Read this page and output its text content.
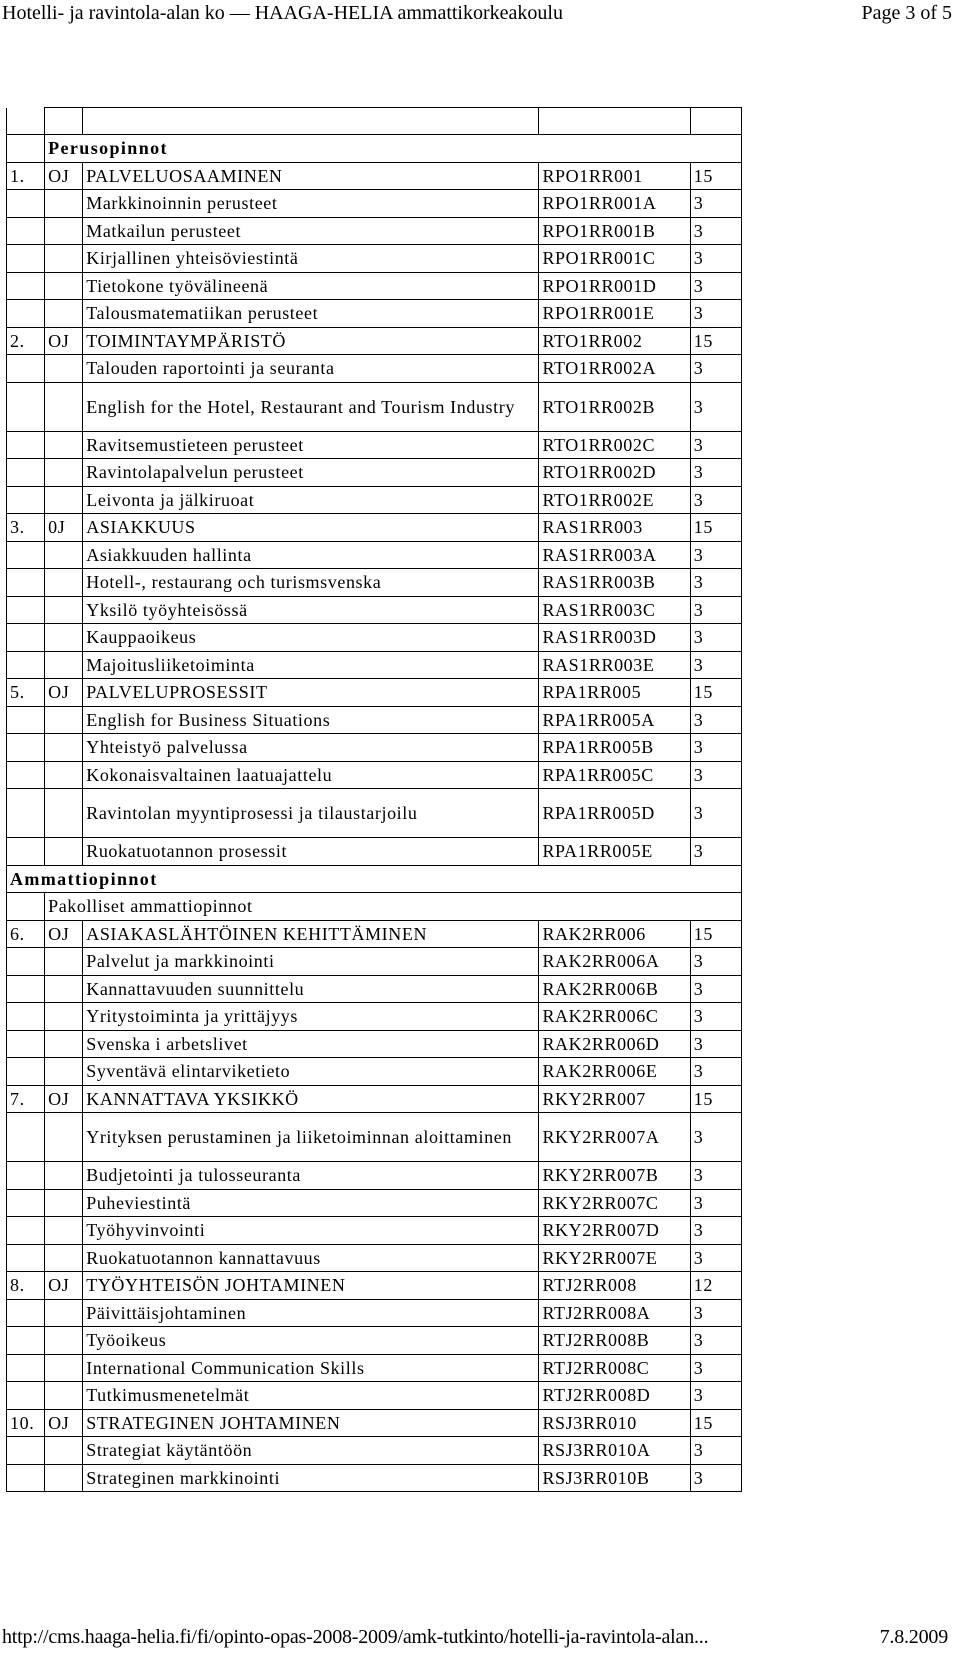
Hotelli- ja ravintola-alan ko — HAAGA-HELIA ammattikorkeakoulu	Page 3 of 5

	Perusopinnot			
1.	OJ	PALVELUOSAAMINEN	RPO1RR001	15
		Markkinoinnin perusteet	RPO1RR001A	3
		Matkailun perusteet	RPO1RR001B	3
		Kirjallinen yhteisöviestintä	RPO1RR001C	3
		Tietokone työvälineenä	RPO1RR001D	3
		Talousmatematiikan perusteet	RPO1RR001E	3
2.	OJ	TOIMINTAYMPÄRISTÖ	RTO1RR002	15
		Talouden raportointi ja seuranta	RTO1RR002A	3
		English for the Hotel, Restaurant and Tourism Industry	RTO1RR002B	3
		Ravitsemustieteen perusteet	RTO1RR002C	3
		Ravintolapalvelun perusteet	RTO1RR002D	3
		Leivonta ja jälkiruoat	RTO1RR002E	3
3.	0J	ASIAKKUUS	RAS1RR003	15
		Asiakkuuden hallinta	RAS1RR003A	3
		Hotell-, restaurang och turismsvenska	RAS1RR003B	3
		Yksilö työyhteisössä	RAS1RR003C	3
		Kauppaoikeus	RAS1RR003D	3
		Majoitusliiketoiminta	RAS1RR003E	3
5.	OJ	PALVELUPROSESSIT	RPA1RR005	15
		English for Business Situations	RPA1RR005A	3
		Yhteistyö palvelussa	RPA1RR005B	3
		Kokonaisvaltainen laatuajattelu	RPA1RR005C	3
		Ravintolan myyntiprosessi ja tilaustarjoilu	RPA1RR005D	3
		Ruokatuotannon prosessit	RPA1RR005E	3
Ammattiopinnot				
	Pakolliset ammattiopinnot			
6.	OJ	ASIAKASLÄHTÖINEN KEHITTÄMINEN	RAK2RR006	15
		Palvelut ja markkinointi	RAK2RR006A	3
		Kannattavuuden suunnittelu	RAK2RR006B	3
		Yritystoiminta ja yrittäjyys	RAK2RR006C	3
		Svenska i arbetslivet	RAK2RR006D	3
		Syventävä elintarviketieto	RAK2RR006E	3
7.	OJ	KANNATTAVA YKSIKKÖ	RKY2RR007	15
		Yrityksen perustaminen ja liiketoiminnan aloittaminen	RKY2RR007A	3
		Budjetointi ja tulosseuranta	RKY2RR007B	3
		Puheviestintä	RKY2RR007C	3
		Työhyvinvointi	RKY2RR007D	3
		Ruokatuotannon kannattavuus	RKY2RR007E	3
8.	OJ	TYÖYHTEISÖN JOHTAMINEN	RTJ2RR008	12
		Päivittäisjohtaminen	RTJ2RR008A	3
		Työoikeus	RTJ2RR008B	3
		International Communication Skills	RTJ2RR008C	3
		Tutkimusmenetelmät	RTJ2RR008D	3
10.	OJ	STRATEGINEN JOHTAMINEN	RSJ3RR010	15
		Strategiat käytäntöön	RSJ3RR010A	3
		Strateginen markkinointi	RSJ3RR010B	3
http://cms.haaga-helia.fi/fi/opinto-opas-2008-2009/amk-tutkinto/hotelli-ja-ravintola-alan...	7.8.2009
